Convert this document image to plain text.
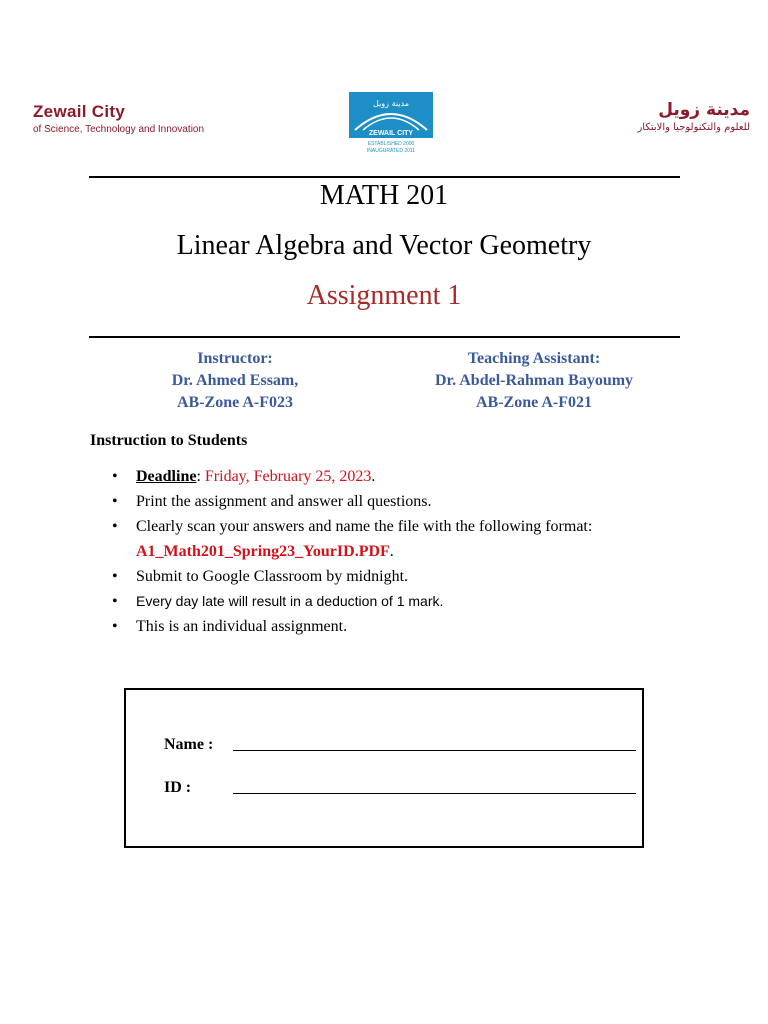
Zewail City
of Science, Technology and Innovation
مدينة زويل
ZEWAIL CITY
ESTABLISHED 2000
INAUGURATED 2011
مدينة زويل
للعلوم والتكنولوجيا والابتكار
MATH 201
Linear Algebra and Vector Geometry
Assignment 1
Instructor:
Dr. Ahmed Essam,
AB-Zone A-F023
Teaching Assistant:
Dr. Abdel-Rahman Bayoumy
AB-Zone A-F021
Instruction to Students
• Deadline: Friday, February 25, 2023.
• Print the assignment and answer all questions.
• Clearly scan your answers and name the file with the following format:
A1_Math201_Spring23_YourID.PDF.
• Submit to Google Classroom by midnight.
• Every day late will result in a deduction of 1 mark.
• This is an individual assignment.
Name :
ID :
